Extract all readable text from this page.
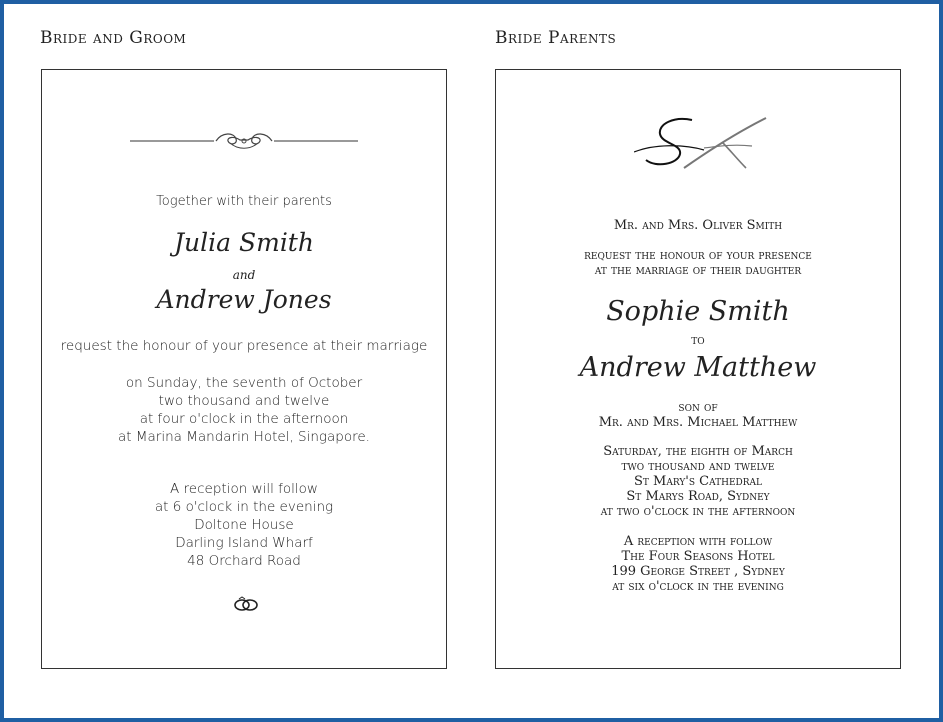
Bride and Groom
Together with their parents
Julia Smith
and
Andrew Jones
request the honour of your presence at their marriage
on Sunday, the seventh of October
two thousand and twelve
at four o'clock in the afternoon
at Marina Mandarin Hotel, Singapore.
A reception will follow
at 6 o'clock in the evening
Doltone House
Darling Island Wharf
48 Orchard Road
Bride Parents
Mr. and Mrs. Oliver Smith
request the honour of your presence
at the marriage of their daughter
Sophie Smith
to
Andrew Matthew
son of
Mr. and Mrs. Michael Matthew
Saturday, the eighth of March
two thousand and twelve
St Mary's Cathedral
St Marys Road, Sydney
at two o'clock in the afternoon
A reception with follow
The Four Seasons Hotel
199 George Street , Sydney
at six o'clock in the evening
